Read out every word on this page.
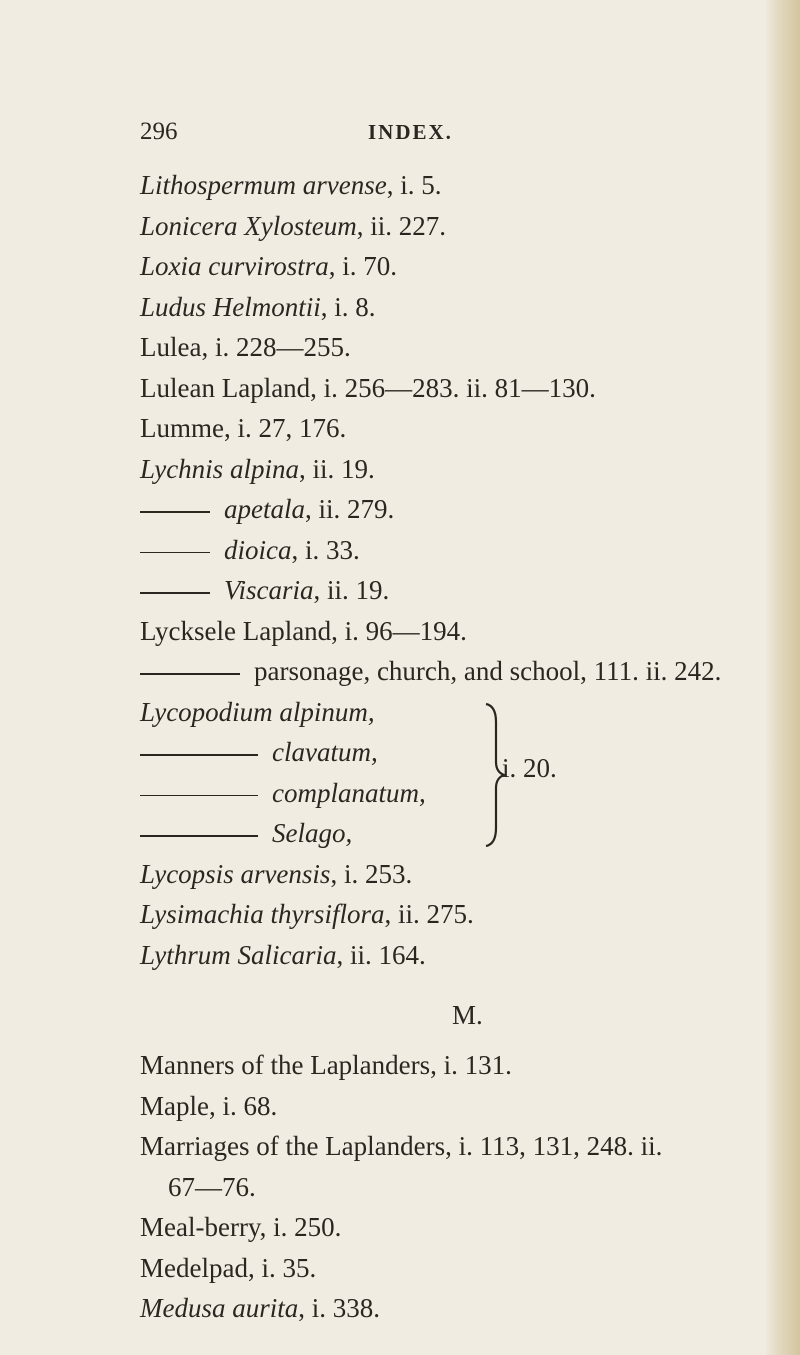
296	INDEX.
Lithospermum arvense, i. 5.
Lonicera Xylosteum, ii. 227.
Loxia curvirostra, i. 70.
Ludus Helmontii, i. 8.
Lulea, i. 228—255.
Lulean Lapland, i. 256—283. ii. 81—130.
Lumme, i. 27, 176.
Lychnis alpina, ii. 19.
apetala, ii. 279.
dioica, i. 33.
Viscaria, ii. 19.
Lycksele Lapland, i. 96—194.
parsonage, church, and school, 111. ii. 242.
Lycopodium alpinum,
clavatum,
complanatum,
Selago,
i. 20.
Lycopsis arvensis, i. 253.
Lysimachia thyrsiflora, ii. 275.
Lythrum Salicaria, ii. 164.
M.
Manners of the Laplanders, i. 131.
Maple, i. 68.
Marriages of the Laplanders, i. 113, 131, 248. ii.
67—76.
Meal-berry, i. 250.
Medelpad, i. 35.
Medusa aurita, i. 338.
